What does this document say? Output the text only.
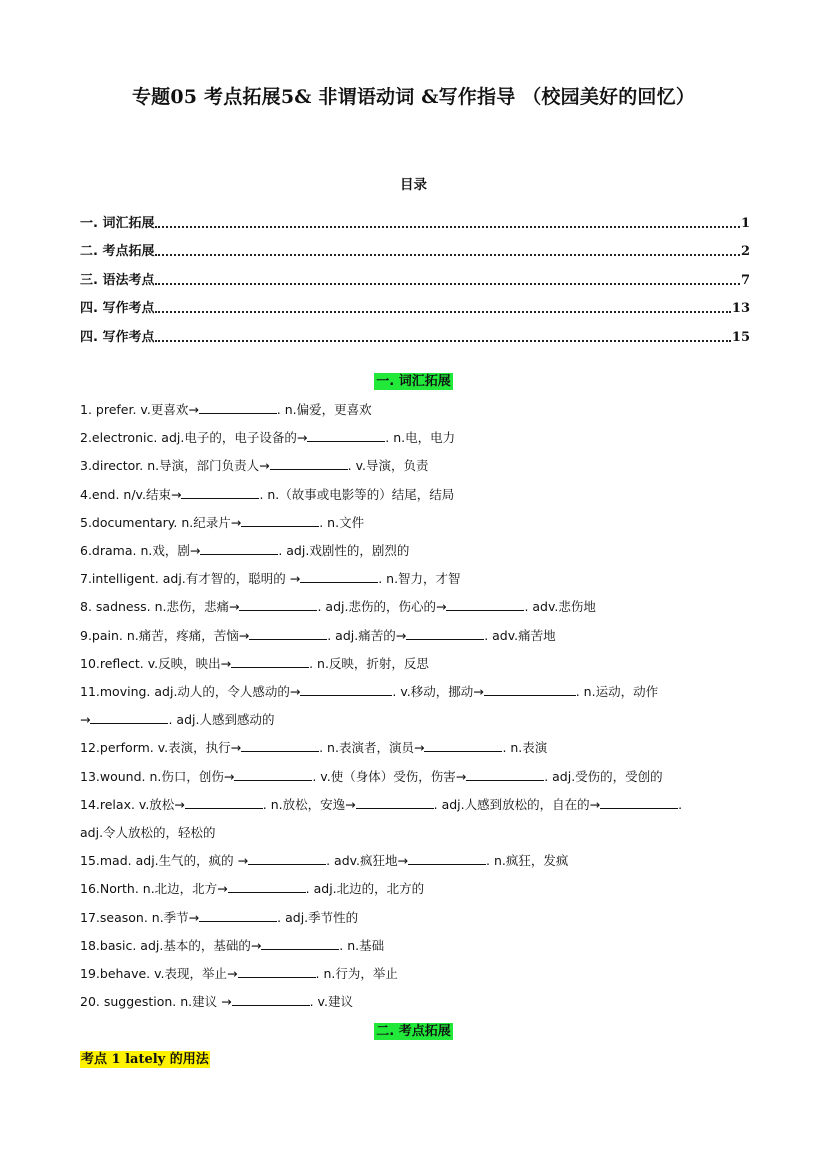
专题05 考点拓展5& 非谓语动词 &写作指导 （校园美好的回忆）
目录
一. 词汇拓展	1
二. 考点拓展	2
三. 语法考点	7
四. 写作考点	13
四. 写作考点	15
一. 词汇拓展
1. prefer. v.更喜欢→	. n.偏爱，更喜欢
2.electronic. adj.电子的，电子设备的→	. n.电，电力
3.director. n.导演，部门负责人→	. v.导演，负责
4.end. n/v.结束→	. n.（故事或电影等的）结尾，结局
5.documentary. n.纪录片→	. n.文件
6.drama. n.戏，剧→	. adj.戏剧性的，剧烈的
7.intelligent. adj.有才智的，聪明的 →	. n.智力，才智
8. sadness. n.悲伤，悲痛→	. adj.悲伤的，伤心的→	. adv.悲伤地
9.pain. n.痛苦，疼痛，苦恼→	. adj.痛苦的→	. adv.痛苦地
10.reflect. v.反映，映出→	. n.反映，折射，反思
11.moving. adj.动人的，令人感动的→	. v.移动，挪动→	. n.运动，动作
→	. adj.人感到感动的
12.perform. v.表演，执行→	. n.表演者，演员→	. n.表演
13.wound. n.伤口，创伤→	. v.使（身体）受伤，伤害→	. adj.受伤的，受创的
14.relax. v.放松→	. n.放松，安逸→	. adj.人感到放松的，自在的→	.
adj.令人放松的，轻松的
15.mad. adj.生气的，疯的 →	. adv.疯狂地→	. n.疯狂，发疯
16.North. n.北边，北方→	. adj.北边的，北方的
17.season. n.季节→	. adj.季节性的
18.basic. adj.基本的，基础的→	. n.基础
19.behave. v.表现，举止→	. n.行为，举止
20. suggestion. n.建议 →	. v.建议
二. 考点拓展
考点 1 lately 的用法
